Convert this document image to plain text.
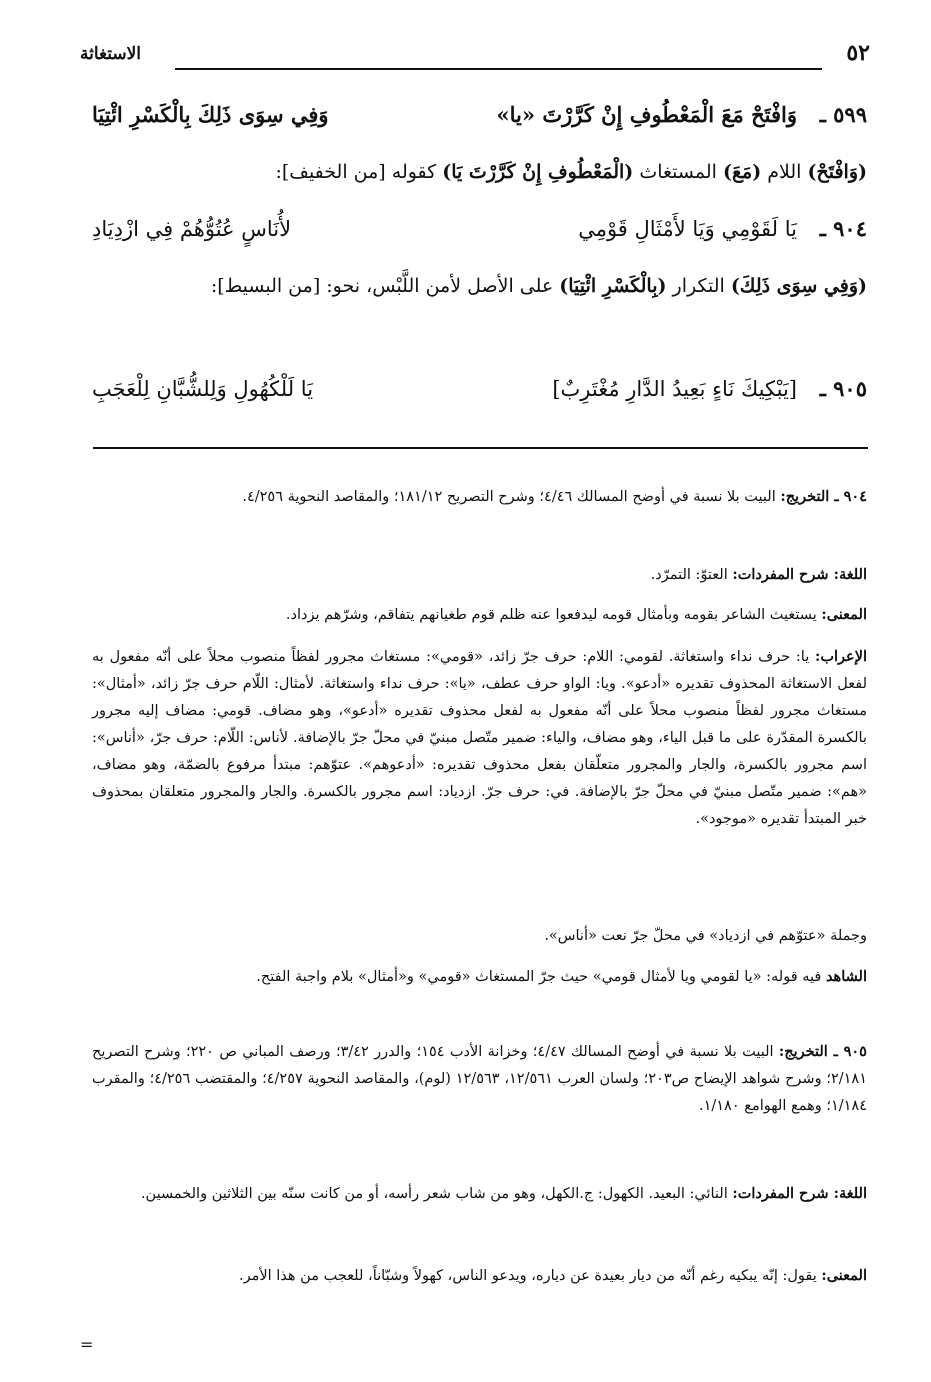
٥٢
الاستغاثة
٥٩٩ ـ
وَافْتَحْ مَعَ الْمَعْطُوفِ إِنْ كَرَّرْتَ «يا»
وَفِي سِوَى ذَلِكَ بِالْكَسْرِ ائْتِيَا
(وَافْتَحْ) اللام (مَعَ) المستغاث (الْمَعْطُوفِ إِنْ كَرَّرْتَ يَا) كقوله [من الخفيف]:
٩٠٤ ـ
يَا لَقَوْمِي وَيَا لأَمْثَالِ قَوْمِي
لأُنَاسٍ عُتُوُّهُمْ فِي ازْدِيَادِ
(وَفِي سِوَى ذَلِكَ) التكرار (بِالْكَسْرِ ائْتِيَا) على الأصل لأمن اللَّبْس، نحو: [من البسيط]:
٩٠٥ ـ
[يَبْكِيكَ نَاءٍ بَعِيدُ الدَّارِ مُغْتَرِبٌ]
يَا لَلْكُهُولِ وَلِلشُّبَّانِ لِلْعَجَبِ
٩٠٤ ـ التخريج: البيت بلا نسبة في أوضح المسالك ٤/٤٦؛ وشرح التصريح ١٨١/١٢؛ والمقاصد النحوية ٤/٢٥٦.
اللغة: شرح المفردات: العتوّ: التمرّد.
المعنى: يستغيث الشاعر بقومه وبأمثال قومه ليدفعوا عنه ظلم قوم طغيانهم يتفاقم، وشرّهم يزداد.
الإعراب: يا: حرف نداء واستغاثة. لقومي: اللام: حرف جرّ زائد، «قومي»: مستغاث مجرور لفظاً منصوب محلاً على أنّه مفعول به لفعل الاستغاثة المحذوف تقديره «أدعو». ويا: الواو حرف عطف، «يا»: حرف نداء واستغاثة. لأمثال: اللّام حرف جرّ زائد، «أمثال»: مستغاث مجرور لفظاً منصوب محلاً على أنّه مفعول به لفعل محذوف تقديره «أدعو»، وهو مضاف. قومي: مضاف إليه مجرور بالكسرة المقدّرة على ما قبل الياء، وهو مضاف، والياء: ضمير متّصل مبنيّ في محلّ جرّ بالإضافة. لأناس: اللّام: حرف جرّ، «أناس»: اسم مجرور بالكسرة، والجار والمجرور متعلّقان بفعل محذوف تقديره: «أدعوهم». عتوّهم: مبتدأ مرفوع بالضمّة، وهو مضاف، «هم»: ضمير متّصل مبنيّ في محلّ جرّ بالإضافة. في: حرف جرّ. ازدياد: اسم مجرور بالكسرة. والجار والمجرور متعلقان بمحذوف خبر المبتدأ تقديره «موجود».
وجملة «عتوّهم في ازدياد» في محلّ جرّ نعت «أناس».
الشاهد فيه قوله: «يا لقومي ويا لأمثال قومي» حيث جرّ المستغاث «قومي» و«أمثال» بلام واجبة الفتح.
٩٠٥ ـ التخريج: البيت بلا نسبة في أوضح المسالك ٤/٤٧؛ وخزانة الأدب ١٥٤؛ والدرر ٣/٤٢؛ ورصف المباني ص ٢٢٠؛ وشرح التصريح ٢/١٨١؛ وشرح شواهد الإيضاح ص٢٠٣؛ ولسان العرب ١٢/٥٦١، ١٢/٥٦٣ (لوم)، والمقاصد النحوية ٤/٢٥٧؛ والمقتضب ٤/٢٥٦؛ والمقرب ١/١٨٤؛ وهمع الهوامع ١/١٨٠.
اللغة: شرح المفردات: النائي: البعيد. الكهول: ج.الكهل، وهو من شاب شعر رأسه، أو من كانت سنّه بين الثلاثين والخمسين.
المعنى: يقول: إنّه يبكيه رغم أنّه من ديار بعيدة عن دياره، ويدعو الناس، كهولاً وشبّاناً، للعجب من هذا الأمر.
=
